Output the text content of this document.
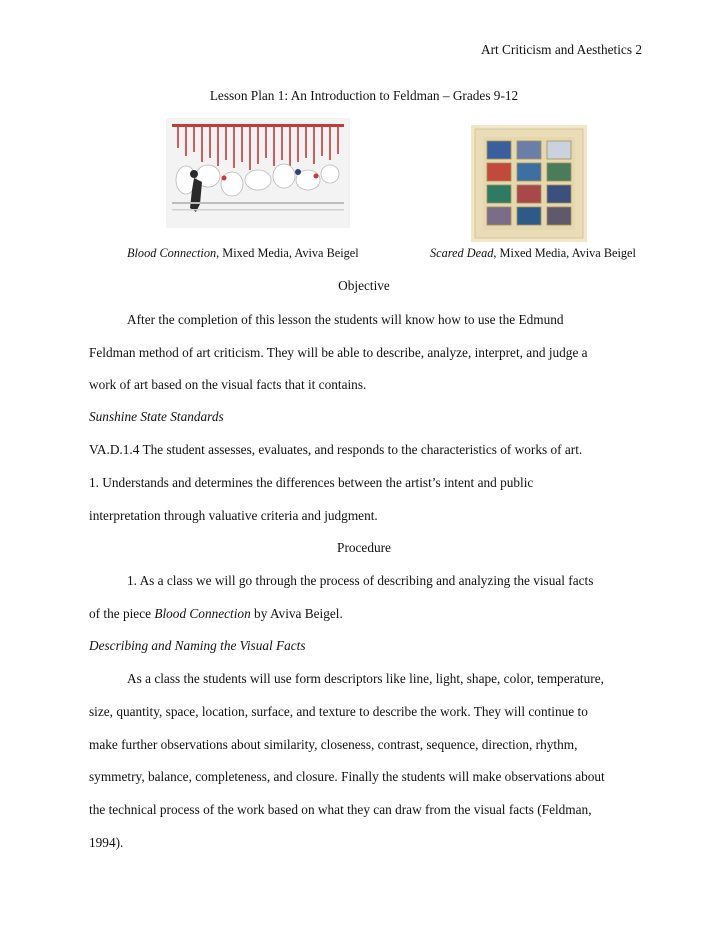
Art Criticism and Aesthetics 2
Lesson Plan 1: An Introduction to Feldman – Grades 9-12
Blood Connection, Mixed Media, Aviva Beigel	Scared Dead, Mixed Media, Aviva Beigel
Objective
After the completion of this lesson the students will know how to use the Edmund
Feldman method of art criticism. They will be able to describe, analyze, interpret, and judge a
work of art based on the visual facts that it contains.
Sunshine State Standards
VA.D.1.4 The student assesses, evaluates, and responds to the characteristics of works of art.
1. Understands and determines the differences between the artist’s intent and public
interpretation through valuative criteria and judgment.
Procedure
1. As a class we will go through the process of describing and analyzing the visual facts
of the piece Blood Connection by Aviva Beigel.
Describing and Naming the Visual Facts
As a class the students will use form descriptors like line, light, shape, color, temperature,
size, quantity, space, location, surface, and texture to describe the work. They will continue to
make further observations about similarity, closeness, contrast, sequence, direction, rhythm,
symmetry, balance, completeness, and closure. Finally the students will make observations about
the technical process of the work based on what they can draw from the visual facts (Feldman,
1994).
